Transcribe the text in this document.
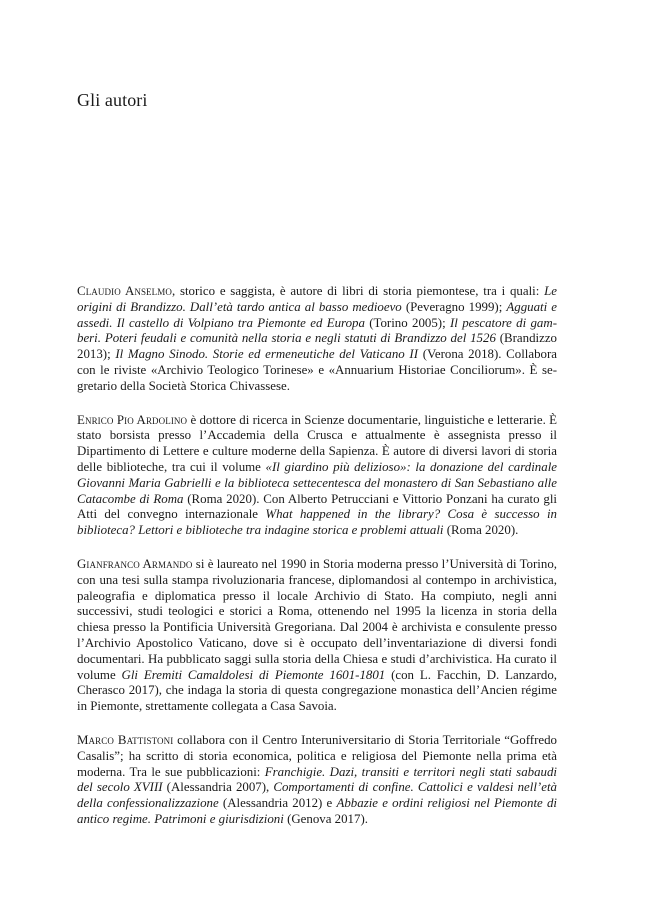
Gli autori

Claudio Anselmo, storico e saggista, è autore di libri di storia piemontese, tra i quali: Le origini di Brandizzo. Dall’età tardo antica al basso medioevo (Peveragno 1999); Agguati e assedi. Il castello di Volpiano tra Piemonte ed Europa (Torino 2005); Il pescatore di gamberi. Poteri feudali e comunità nella storia e negli statuti di Brandizzo del 1526 (Brandizzo 2013); Il Magno Sinodo. Storie ed ermeneutiche del Vaticano II (Verona 2018). Collabora con le riviste «Archivio Teologico Torinese» e «Annuarium Historiae Conciliorum». È segretario della Società Storica Chivassese.

Enrico Pio Ardolino è dottore di ricerca in Scienze documentarie, linguistiche e letterarie. È stato borsista presso l’Accademia della Crusca e attualmente è assegnista presso il Dipartimento di Lettere e culture moderne della Sapienza. È autore di diversi lavori di storia delle biblioteche, tra cui il volume «Il giardino più delizioso»: la donazione del cardinale Giovanni Maria Gabrielli e la biblioteca settecentesca del monastero di San Sebastiano alle Catacombe di Roma (Roma 2020). Con Alberto Petrucciani e Vittorio Ponzani ha curato gli Atti del convegno internazionale What happened in the library? Cosa è successo in biblioteca? Lettori e biblioteche tra indagine storica e problemi attuali (Roma 2020).

Gianfranco Armando si è laureato nel 1990 in Storia moderna presso l’Università di Torino, con una tesi sulla stampa rivoluzionaria francese, diplomandosi al contempo in archivistica, paleografia e diplomatica presso il locale Archivio di Stato. Ha compiuto, negli anni successivi, studi teologici e storici a Roma, ottenendo nel 1995 la licenza in storia della chiesa presso la Pontificia Università Gregoriana. Dal 2004 è archivista e consulente presso l’Archivio Apostolico Vaticano, dove si è occupato dell’inventariazione di diversi fondi documentari. Ha pubblicato saggi sulla storia della Chiesa e studi d’archivistica. Ha curato il volume Gli Eremiti Camaldolesi di Piemonte 1601-1801 (con L. Facchin, D. Lanzardo, Cherasco 2017), che indaga la storia di questa congregazione monastica dell’Ancien régime in Piemonte, strettamente collegata a Casa Savoia.

Marco Battistoni collabora con il Centro Interuniversitario di Storia Territoriale “Goffredo Casalis”; ha scritto di storia economica, politica e religiosa del Piemonte nella prima età moderna. Tra le sue pubblicazioni: Franchigie. Dazi, transiti e territori negli stati sabaudi del secolo XVIII (Alessandria 2007), Comportamenti di confine. Cattolici e valdesi nell’età della confessionalizzazione (Alessandria 2012) e Abbazie e ordini religiosi nel Piemonte di antico regime. Patrimoni e giurisdizioni (Genova 2017).
